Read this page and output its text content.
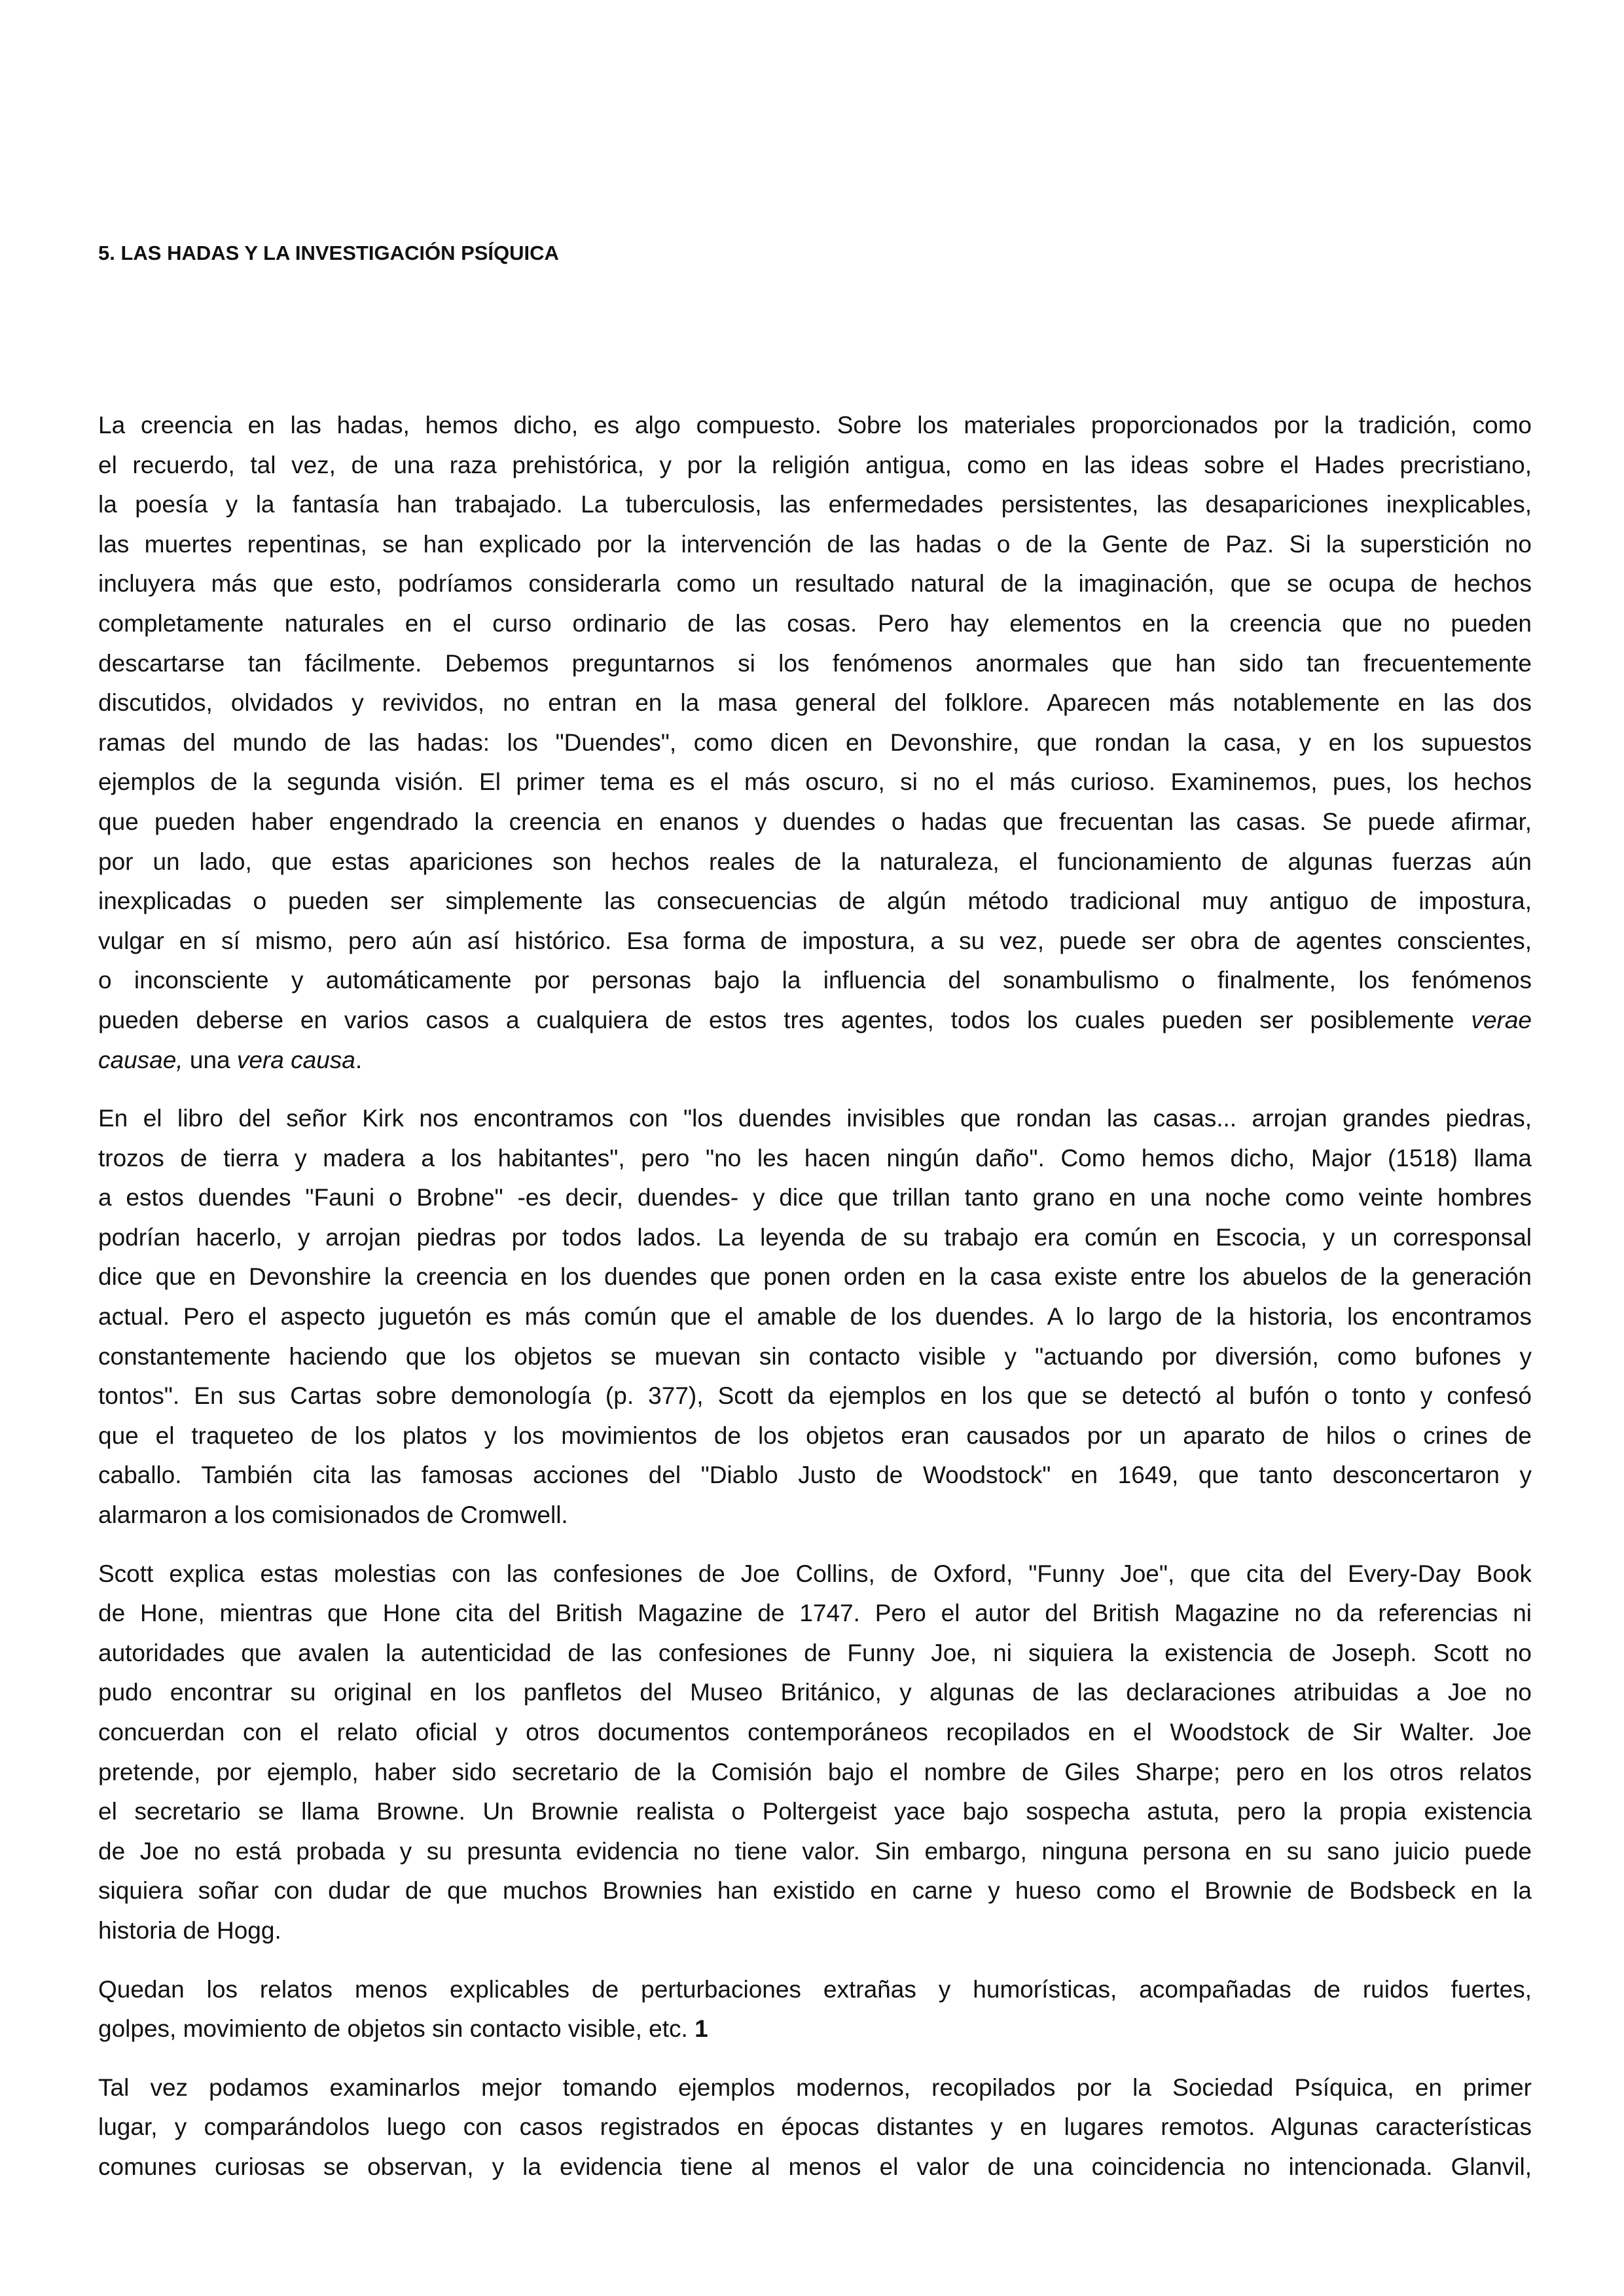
5. LAS HADAS Y LA INVESTIGACIÓN PSÍQUICA
La creencia en las hadas, hemos dicho, es algo compuesto. Sobre los materiales proporcionados por la tradición, como
el recuerdo, tal vez, de una raza prehistórica, y por la religión antigua, como en las ideas sobre el Hades precristiano,
la poesía y la fantasía han trabajado. La tuberculosis, las enfermedades persistentes, las desapariciones inexplicables,
las muertes repentinas, se han explicado por la intervención de las hadas o de la Gente de Paz. Si la superstición no
incluyera más que esto, podríamos considerarla como un resultado natural de la imaginación, que se ocupa de hechos
completamente naturales en el curso ordinario de las cosas. Pero hay elementos en la creencia que no pueden
descartarse tan fácilmente. Debemos preguntarnos si los fenómenos anormales que han sido tan frecuentemente
discutidos, olvidados y revividos, no entran en la masa general del folklore. Aparecen más notablemente en las dos
ramas del mundo de las hadas: los "Duendes", como dicen en Devonshire, que rondan la casa, y en los supuestos
ejemplos de la segunda visión. El primer tema es el más oscuro, si no el más curioso. Examinemos, pues, los hechos
que pueden haber engendrado la creencia en enanos y duendes o hadas que frecuentan las casas. Se puede afirmar,
por un lado, que estas apariciones son hechos reales de la naturaleza, el funcionamiento de algunas fuerzas aún
inexplicadas o pueden ser simplemente las consecuencias de algún método tradicional muy antiguo de impostura,
vulgar en sí mismo, pero aún así histórico. Esa forma de impostura, a su vez, puede ser obra de agentes conscientes,
o inconsciente y automáticamente por personas bajo la influencia del sonambulismo o finalmente, los fenómenos
pueden deberse en varios casos a cualquiera de estos tres agentes, todos los cuales pueden ser posiblemente verae
causae, una vera causa.
En el libro del señor Kirk nos encontramos con "los duendes invisibles que rondan las casas... arrojan grandes piedras,
trozos de tierra y madera a los habitantes", pero "no les hacen ningún daño". Como hemos dicho, Major (1518) llama
a estos duendes "Fauni o Brobne" -es decir, duendes- y dice que trillan tanto grano en una noche como veinte hombres
podrían hacerlo, y arrojan piedras por todos lados. La leyenda de su trabajo era común en Escocia, y un corresponsal
dice que en Devonshire la creencia en los duendes que ponen orden en la casa existe entre los abuelos de la generación
actual. Pero el aspecto juguetón es más común que el amable de los duendes. A lo largo de la historia, los encontramos
constantemente haciendo que los objetos se muevan sin contacto visible y "actuando por diversión, como bufones y
tontos". En sus Cartas sobre demonología (p. 377), Scott da ejemplos en los que se detectó al bufón o tonto y confesó
que el traqueteo de los platos y los movimientos de los objetos eran causados por un aparato de hilos o crines de
caballo. También cita las famosas acciones del "Diablo Justo de Woodstock" en 1649, que tanto desconcertaron y
alarmaron a los comisionados de Cromwell.
Scott explica estas molestias con las confesiones de Joe Collins, de Oxford, "Funny Joe", que cita del Every-Day Book
de Hone, mientras que Hone cita del British Magazine de 1747. Pero el autor del British Magazine no da referencias ni
autoridades que avalen la autenticidad de las confesiones de Funny Joe, ni siquiera la existencia de Joseph. Scott no
pudo encontrar su original en los panfletos del Museo Británico, y algunas de las declaraciones atribuidas a Joe no
concuerdan con el relato oficial y otros documentos contemporáneos recopilados en el Woodstock de Sir Walter. Joe
pretende, por ejemplo, haber sido secretario de la Comisión bajo el nombre de Giles Sharpe; pero en los otros relatos
el secretario se llama Browne. Un Brownie realista o Poltergeist yace bajo sospecha astuta, pero la propia existencia
de Joe no está probada y su presunta evidencia no tiene valor. Sin embargo, ninguna persona en su sano juicio puede
siquiera soñar con dudar de que muchos Brownies han existido en carne y hueso como el Brownie de Bodsbeck en la
historia de Hogg.
Quedan los relatos menos explicables de perturbaciones extrañas y humorísticas, acompañadas de ruidos fuertes,
golpes, movimiento de objetos sin contacto visible, etc. 1
Tal vez podamos examinarlos mejor tomando ejemplos modernos, recopilados por la Sociedad Psíquica, en primer
lugar, y comparándolos luego con casos registrados en épocas distantes y en lugares remotos. Algunas características
comunes curiosas se observan, y la evidencia tiene al menos el valor de una coincidencia no intencionada. Glanvil,
